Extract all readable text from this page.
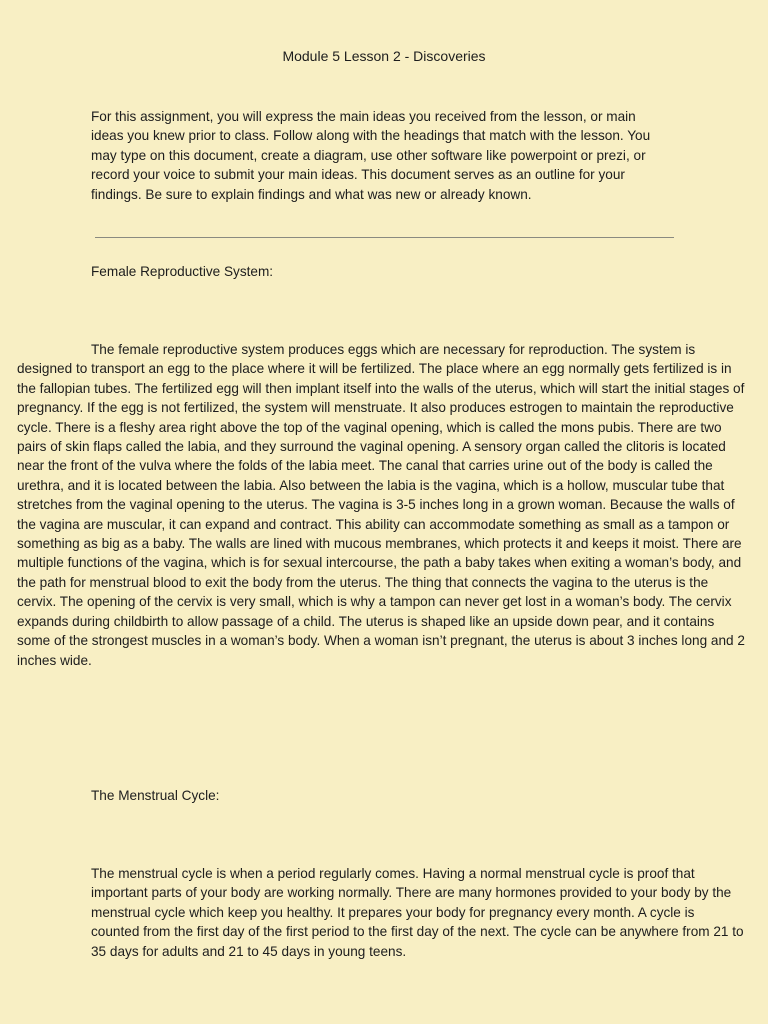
Module 5 Lesson 2 - Discoveries

For this assignment, you will express the main ideas you received from the lesson, or main ideas you knew prior to class. Follow along with the headings that match with the lesson. You may type on this document, create a diagram, use other software like powerpoint or prezi, or record your voice to submit your main ideas. This document serves as an outline for your findings. Be sure to explain findings and what was new or already known.

Female Reproductive System:

The female reproductive system produces eggs which are necessary for reproduction. The system is designed to transport an egg to the place where it will be fertilized. The place where an egg normally gets fertilized is in the fallopian tubes. The fertilized egg will then implant itself into the walls of the uterus, which will start the initial stages of pregnancy. If the egg is not fertilized, the system will menstruate. It also produces estrogen to maintain the reproductive cycle. There is a fleshy area right above the top of the vaginal opening, which is called the mons pubis. There are two pairs of skin flaps called the labia, and they surround the vaginal opening. A sensory organ called the clitoris is located near the front of the vulva where the folds of the labia meet. The canal that carries urine out of the body is called the urethra, and it is located between the labia. Also between the labia is the vagina, which is a hollow, muscular tube that stretches from the vaginal opening to the uterus. The vagina is 3-5 inches long in a grown woman. Because the walls of the vagina are muscular, it can expand and contract. This ability can accommodate something as small as a tampon or something as big as a baby. The walls are lined with mucous membranes, which protects it and keeps it moist. There are multiple functions of the vagina, which is for sexual intercourse, the path a baby takes when exiting a woman’s body, and the path for menstrual blood to exit the body from the uterus. The thing that connects the vagina to the uterus is the cervix. The opening of the cervix is very small, which is why a tampon can never get lost in a woman’s body. The cervix expands during childbirth to allow passage of a child. The uterus is shaped like an upside down pear, and it contains some of the strongest muscles in a woman’s body. When a woman isn’t pregnant, the uterus is about 3 inches long and 2 inches wide.

The Menstrual Cycle:

The menstrual cycle is when a period regularly comes. Having a normal menstrual cycle is proof that important parts of your body are working normally. There are many hormones provided to your body by the menstrual cycle which keep you healthy. It prepares your body for pregnancy every month. A cycle is counted from the first day of the first period to the first day of the next. The cycle can be anywhere from 21 to 35 days for adults and 21 to 45 days in young teens.
